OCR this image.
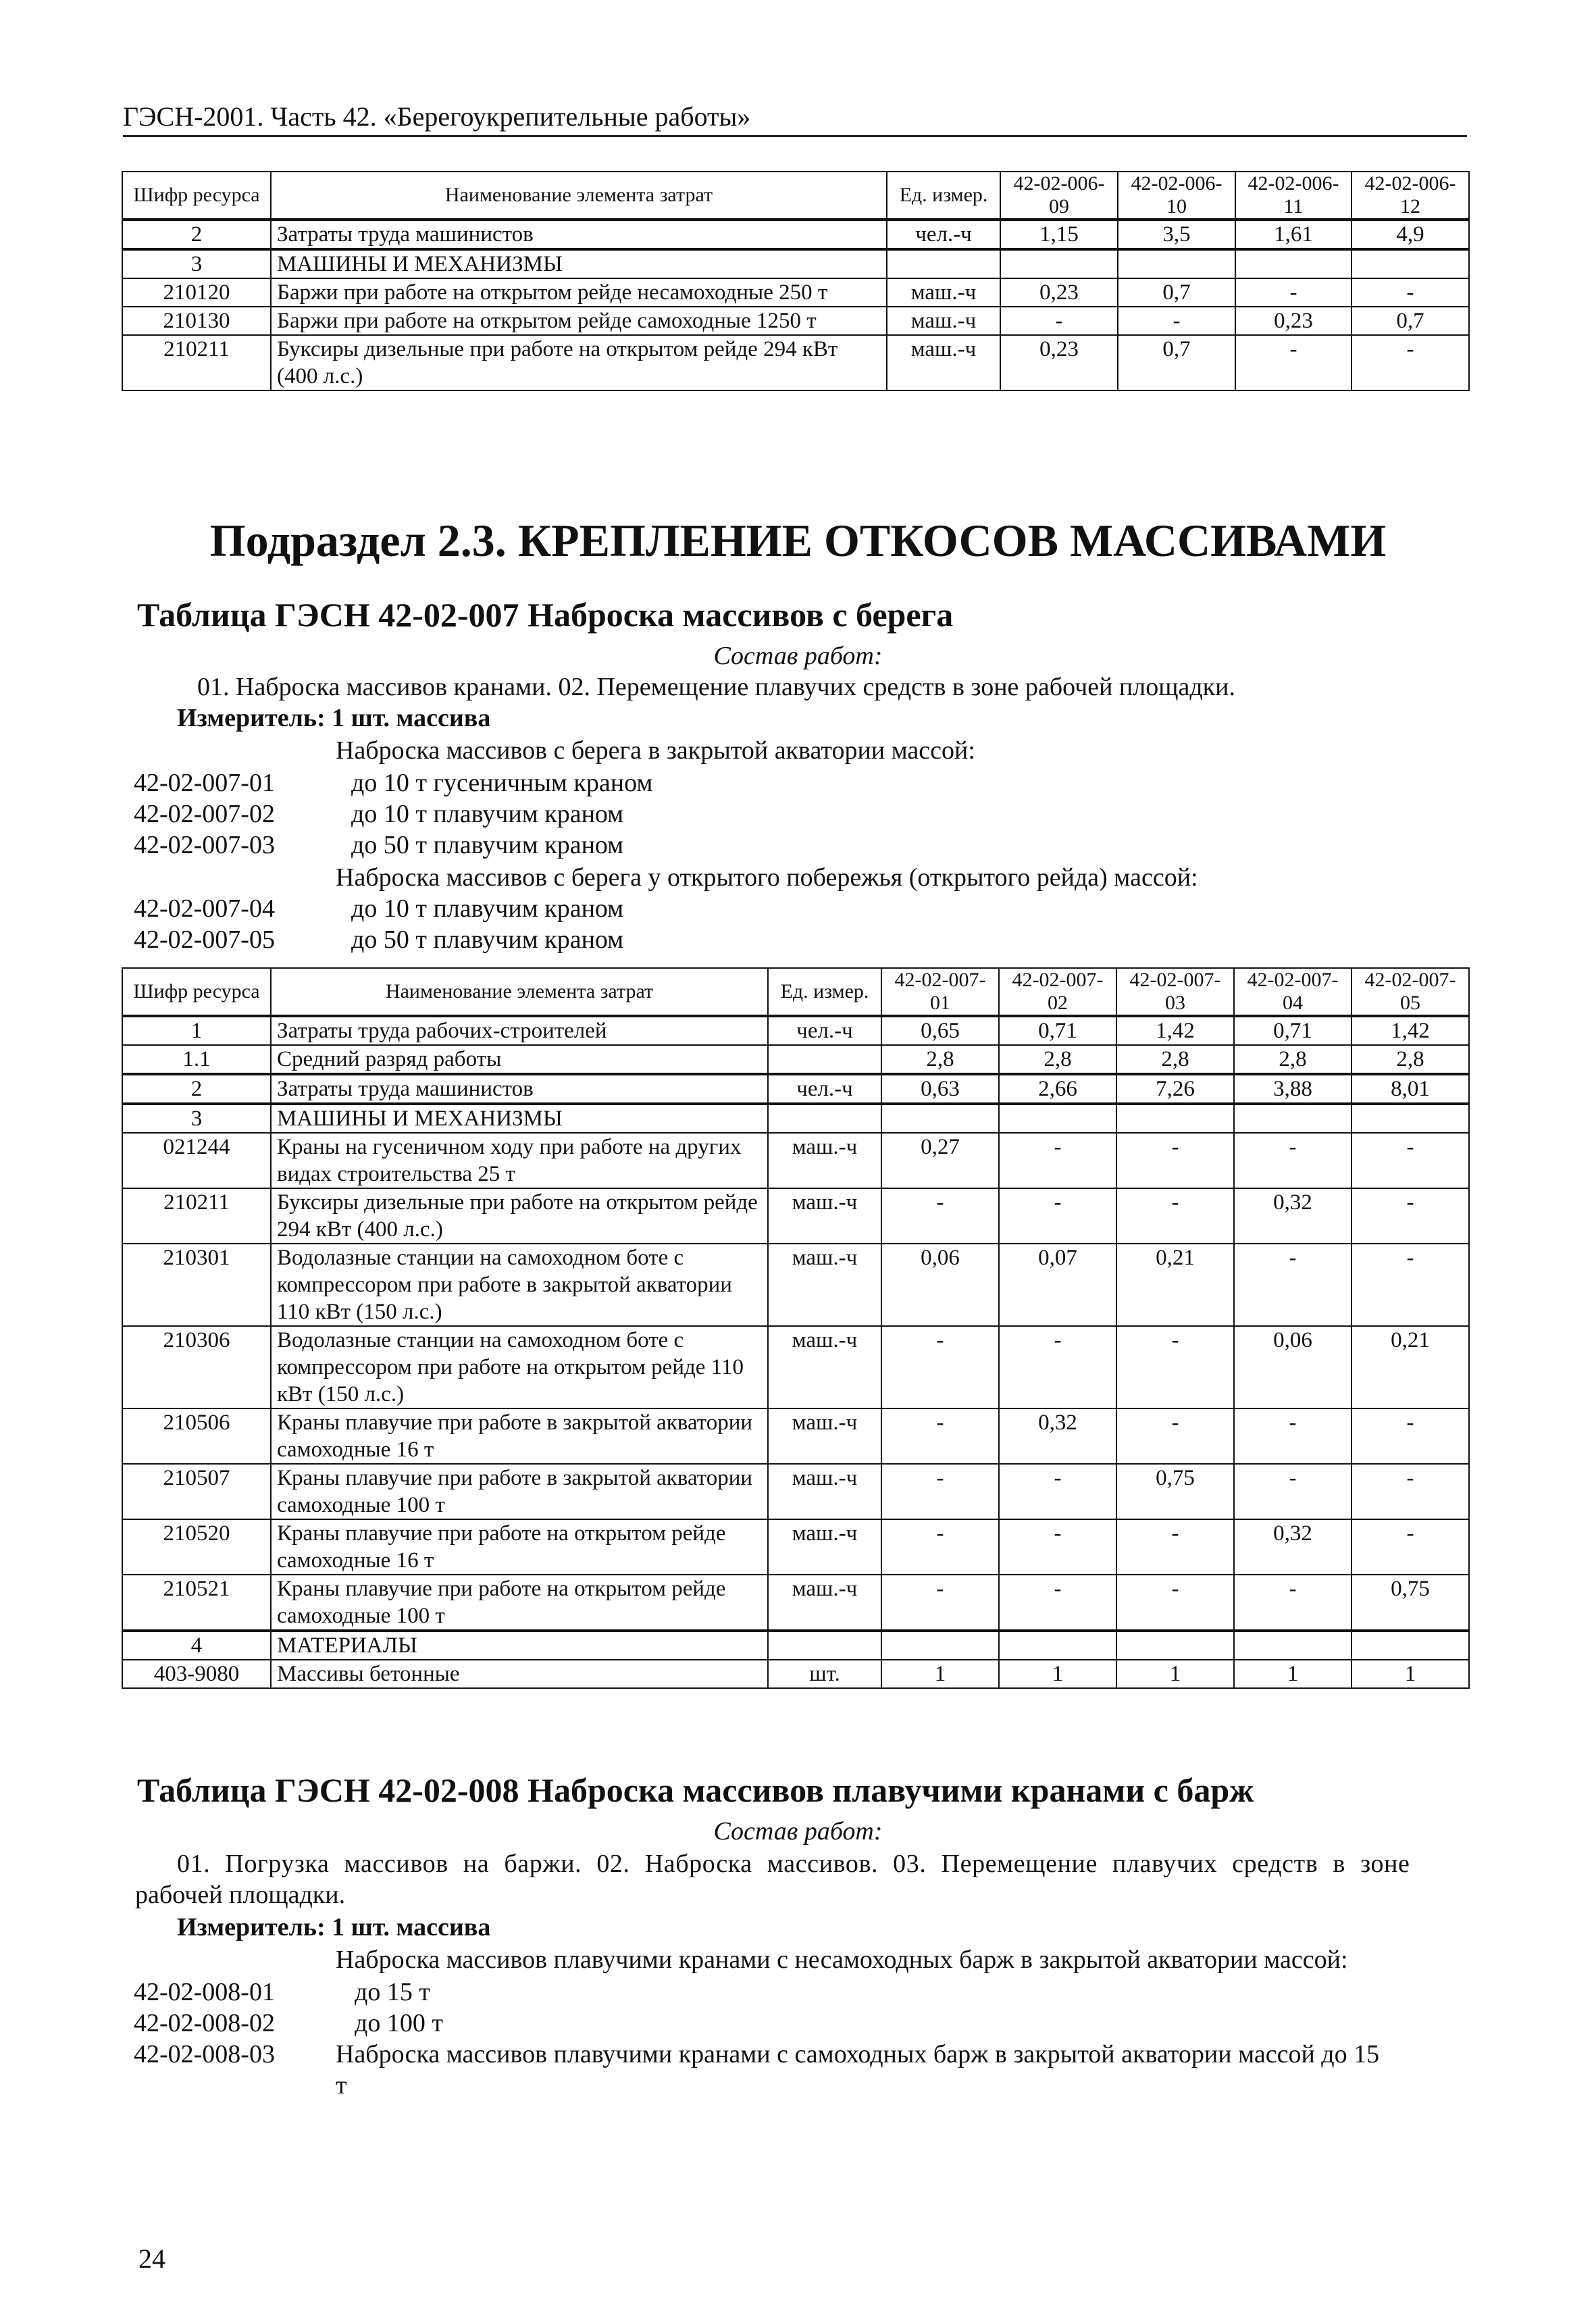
ГЭСН-2001. Часть 42. «Берегоукрепительные работы»
Шифр ресурса	Наименование элемента затрат	Ед. измер.	42-02-006-09	42-02-006-10	42-02-006-11	42-02-006-12
2	Затраты труда машинистов	чел.-ч	1,15	3,5	1,61	4,9
3	МАШИНЫ И МЕХАНИЗМЫ					
210120	Баржи при работе на открытом рейде несамоходные 250 т	маш.-ч	0,23	0,7	-	-
210130	Баржи при работе на открытом рейде самоходные 1250 т	маш.-ч	-	-	0,23	0,7
210211	Буксиры дизельные при работе на открытом рейде 294 кВт (400 л.с.)	маш.-ч	0,23	0,7	-	-
Подраздел 2.3. КРЕПЛЕНИЕ ОТКОСОВ МАССИВАМИ
Таблица ГЭСН 42-02-007 Наброска массивов с берега
Состав работ:
01. Наброска массивов кранами. 02. Перемещение плавучих средств в зоне рабочей площадки.
Измеритель: 1 шт. массива
Наброска массивов с берега в закрытой акватории массой:
42-02-007-01	до 10 т гусеничным краном
42-02-007-02	до 10 т плавучим краном
42-02-007-03	до 50 т плавучим краном
Наброска массивов с берега у открытого побережья (открытого рейда) массой:
42-02-007-04	до 10 т плавучим краном
42-02-007-05	до 50 т плавучим краном
Шифр ресурса	Наименование элемента затрат	Ед. измер.	42-02-007-01	42-02-007-02	42-02-007-03	42-02-007-04	42-02-007-05
1	Затраты труда рабочих-строителей	чел.-ч	0,65	0,71	1,42	0,71	1,42
1.1	Средний разряд работы		2,8	2,8	2,8	2,8	2,8
2	Затраты труда машинистов	чел.-ч	0,63	2,66	7,26	3,88	8,01
3	МАШИНЫ И МЕХАНИЗМЫ						
021244	Краны на гусеничном ходу при работе на других видах строительства 25 т	маш.-ч	0,27	-	-	-	-
210211	Буксиры дизельные при работе на открытом рейде 294 кВт (400 л.с.)	маш.-ч	-	-	-	0,32	-
210301	Водолазные станции на самоходном боте с компрессором при работе в закрытой акватории 110 кВт (150 л.с.)	маш.-ч	0,06	0,07	0,21	-	-
210306	Водолазные станции на самоходном боте с компрессором при работе на открытом рейде 110 кВт (150 л.с.)	маш.-ч	-	-	-	0,06	0,21
210506	Краны плавучие при работе в закрытой акватории самоходные 16 т	маш.-ч	-	0,32	-	-	-
210507	Краны плавучие при работе в закрытой акватории самоходные 100 т	маш.-ч	-	-	0,75	-	-
210520	Краны плавучие при работе на открытом рейде самоходные 16 т	маш.-ч	-	-	-	0,32	-
210521	Краны плавучие при работе на открытом рейде самоходные 100 т	маш.-ч	-	-	-	-	0,75
4	МАТЕРИАЛЫ						
403-9080	Массивы бетонные	шт.	1	1	1	1	1
Таблица ГЭСН 42-02-008 Наброска массивов плавучими кранами с барж
Состав работ:
01. Погрузка массивов на баржи. 02. Наброска массивов. 03. Перемещение плавучих средств в зоне
рабочей площадки.
Измеритель: 1 шт. массива
Наброска массивов плавучими кранами с несамоходных барж в закрытой акватории массой:
42-02-008-01	до 15 т
42-02-008-02	до 100 т
42-02-008-03 Наброска массивов плавучими кранами с самоходных барж в закрытой акватории массой до 15
т
24
